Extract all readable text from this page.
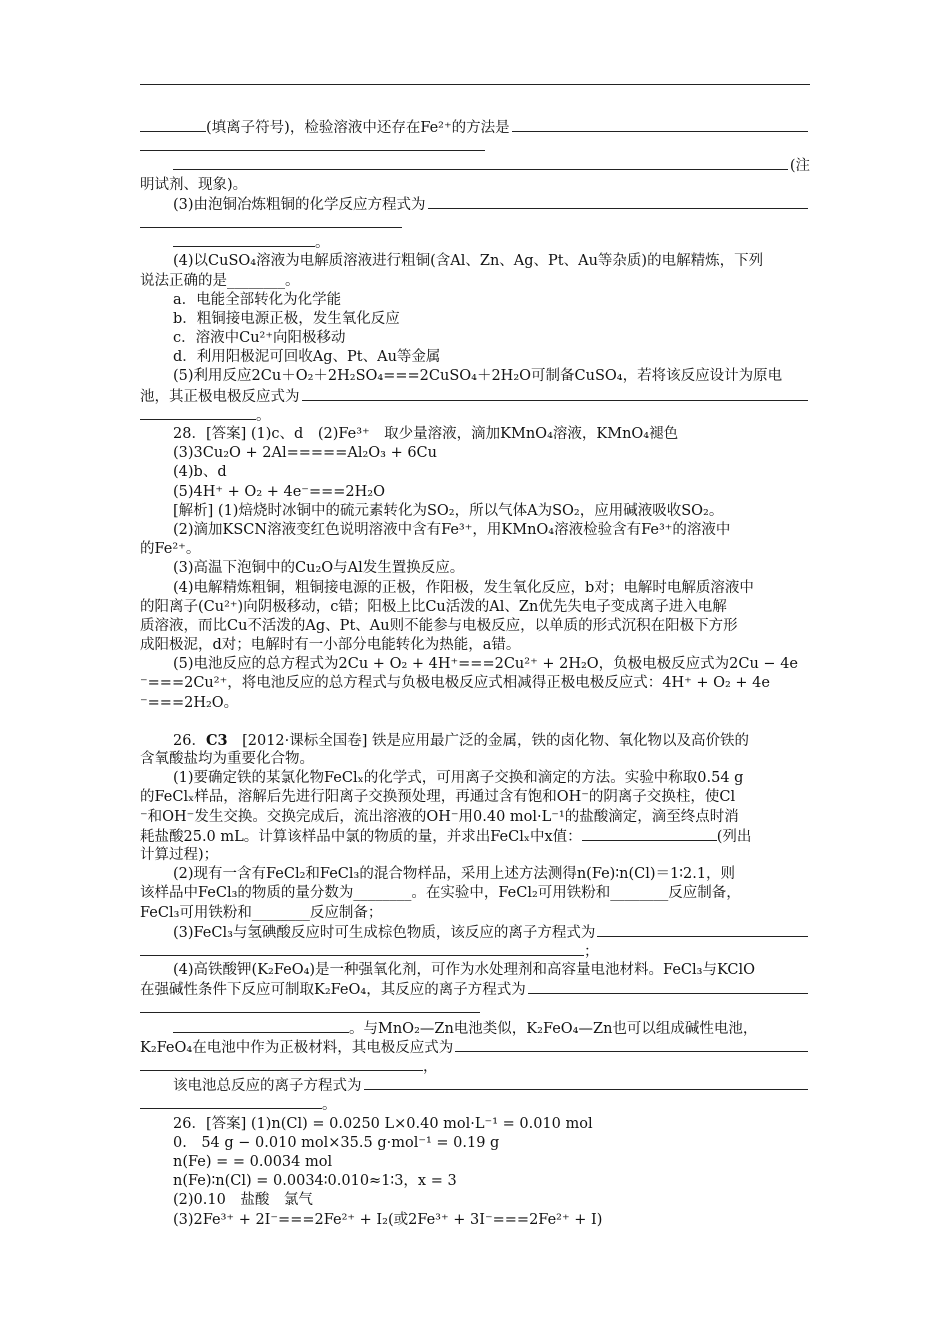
(填离子符号)，检验溶液中还存在Fe²⁺的方法是
(注
明试剂、现象)。
(3)由泡铜冶炼粗铜的化学反应方程式为
。
(4)以CuSO₄溶液为电解质溶液进行粗铜(含Al、Zn、Ag、Pt、Au等杂质)的电解精炼，下列
说法正确的是________。
a．电能全部转化为化学能
b．粗铜接电源正极，发生氧化反应
c．溶液中Cu²⁺向阳极移动
d．利用阳极泥可回收Ag、Pt、Au等金属
(5)利用反应2Cu＋O₂＋2H₂SO₄===2CuSO₄＋2H₂O可制备CuSO₄，若将该反应设计为原电
池，其正极电极反应式为
。
28．[答案] (1)c、d　(2)Fe³⁺　取少量溶液，滴加KMnO₄溶液，KMnO₄褪色
(3)3Cu₂O + 2Al=====Al₂O₃ + 6Cu
(4)b、d
(5)4H⁺ + O₂ + 4e⁻===2H₂O
[解析] (1)焙烧时冰铜中的硫元素转化为SO₂，所以气体A为SO₂，应用碱液吸收SO₂。
(2)滴加KSCN溶液变红色说明溶液中含有Fe³⁺，用KMnO₄溶液检验含有Fe³⁺的溶液中
的Fe²⁺。
(3)高温下泡铜中的Cu₂O与Al发生置换反应。
(4)电解精炼粗铜，粗铜接电源的正极，作阳极，发生氧化反应，b对；电解时电解质溶液中
的阳离子(Cu²⁺)向阴极移动，c错；阳极上比Cu活泼的Al、Zn优先失电子变成离子进入电解
质溶液，而比Cu不活泼的Ag、Pt、Au则不能参与电极反应，以单质的形式沉积在阳极下方形
成阳极泥，d对；电解时有一小部分电能转化为热能，a错。
(5)电池反应的总方程式为2Cu + O₂ + 4H⁺===2Cu²⁺ + 2H₂O，负极电极反应式为2Cu − 4e
⁻===2Cu²⁺，将电池反应的总方程式与负极电极反应式相减得正极电极反应式：4H⁺ + O₂ + 4e
⁻===2H₂O。
26．C3　 [2012·课标全国卷] 铁是应用最广泛的金属，铁的卤化物、氧化物以及高价铁的
含氧酸盐均为重要化合物。
(1)要确定铁的某氯化物FeClₓ的化学式，可用离子交换和滴定的方法。实验中称取0.54 g
的FeClₓ样品，溶解后先进行阳离子交换预处理，再通过含有饱和OH⁻的阴离子交换柱，使Cl
⁻和OH⁻发生交换。交换完成后，流出溶液的OH⁻用0.40 mol·L⁻¹的盐酸滴定，滴至终点时消
耗盐酸25.0 mL。计算该样品中氯的物质的量，并求出FeClₓ中x值：	(列出
计算过程)；
(2)现有一含有FeCl₂和FeCl₃的混合物样品，采用上述方法测得n(Fe)∶n(Cl)＝1∶2.1，则
该样品中FeCl₃的物质的量分数为________。在实验中，FeCl₂可用铁粉和________反应制备，
FeCl₃可用铁粉和________反应制备；
(3)FeCl₃与氢碘酸反应时可生成棕色物质，该反应的离子方程式为
；
(4)高铁酸钾(K₂FeO₄)是一种强氧化剂，可作为水处理剂和高容量电池材料。FeCl₃与KClO
在强碱性条件下反应可制取K₂FeO₄，其反应的离子方程式为
。与MnO₂—Zn电池类似，K₂FeO₄—Zn也可以组成碱性电池，
K₂FeO₄在电池中作为正极材料，其电极反应式为
，
该电池总反应的离子方程式为
。
26．[答案] (1)n(Cl) = 0.0250 L×0.40 mol·L⁻¹ = 0.010 mol
0.　54 g − 0.010 mol×35.5 g·mol⁻¹ = 0.19 g
n(Fe) = = 0.0034 mol
n(Fe)∶n(Cl) = 0.0034∶0.010≈1∶3，x = 3
(2)0.10　盐酸　氯气
(3)2Fe³⁺ + 2I⁻===2Fe²⁺ + I₂(或2Fe³⁺ + 3I⁻===2Fe²⁺ + I)
